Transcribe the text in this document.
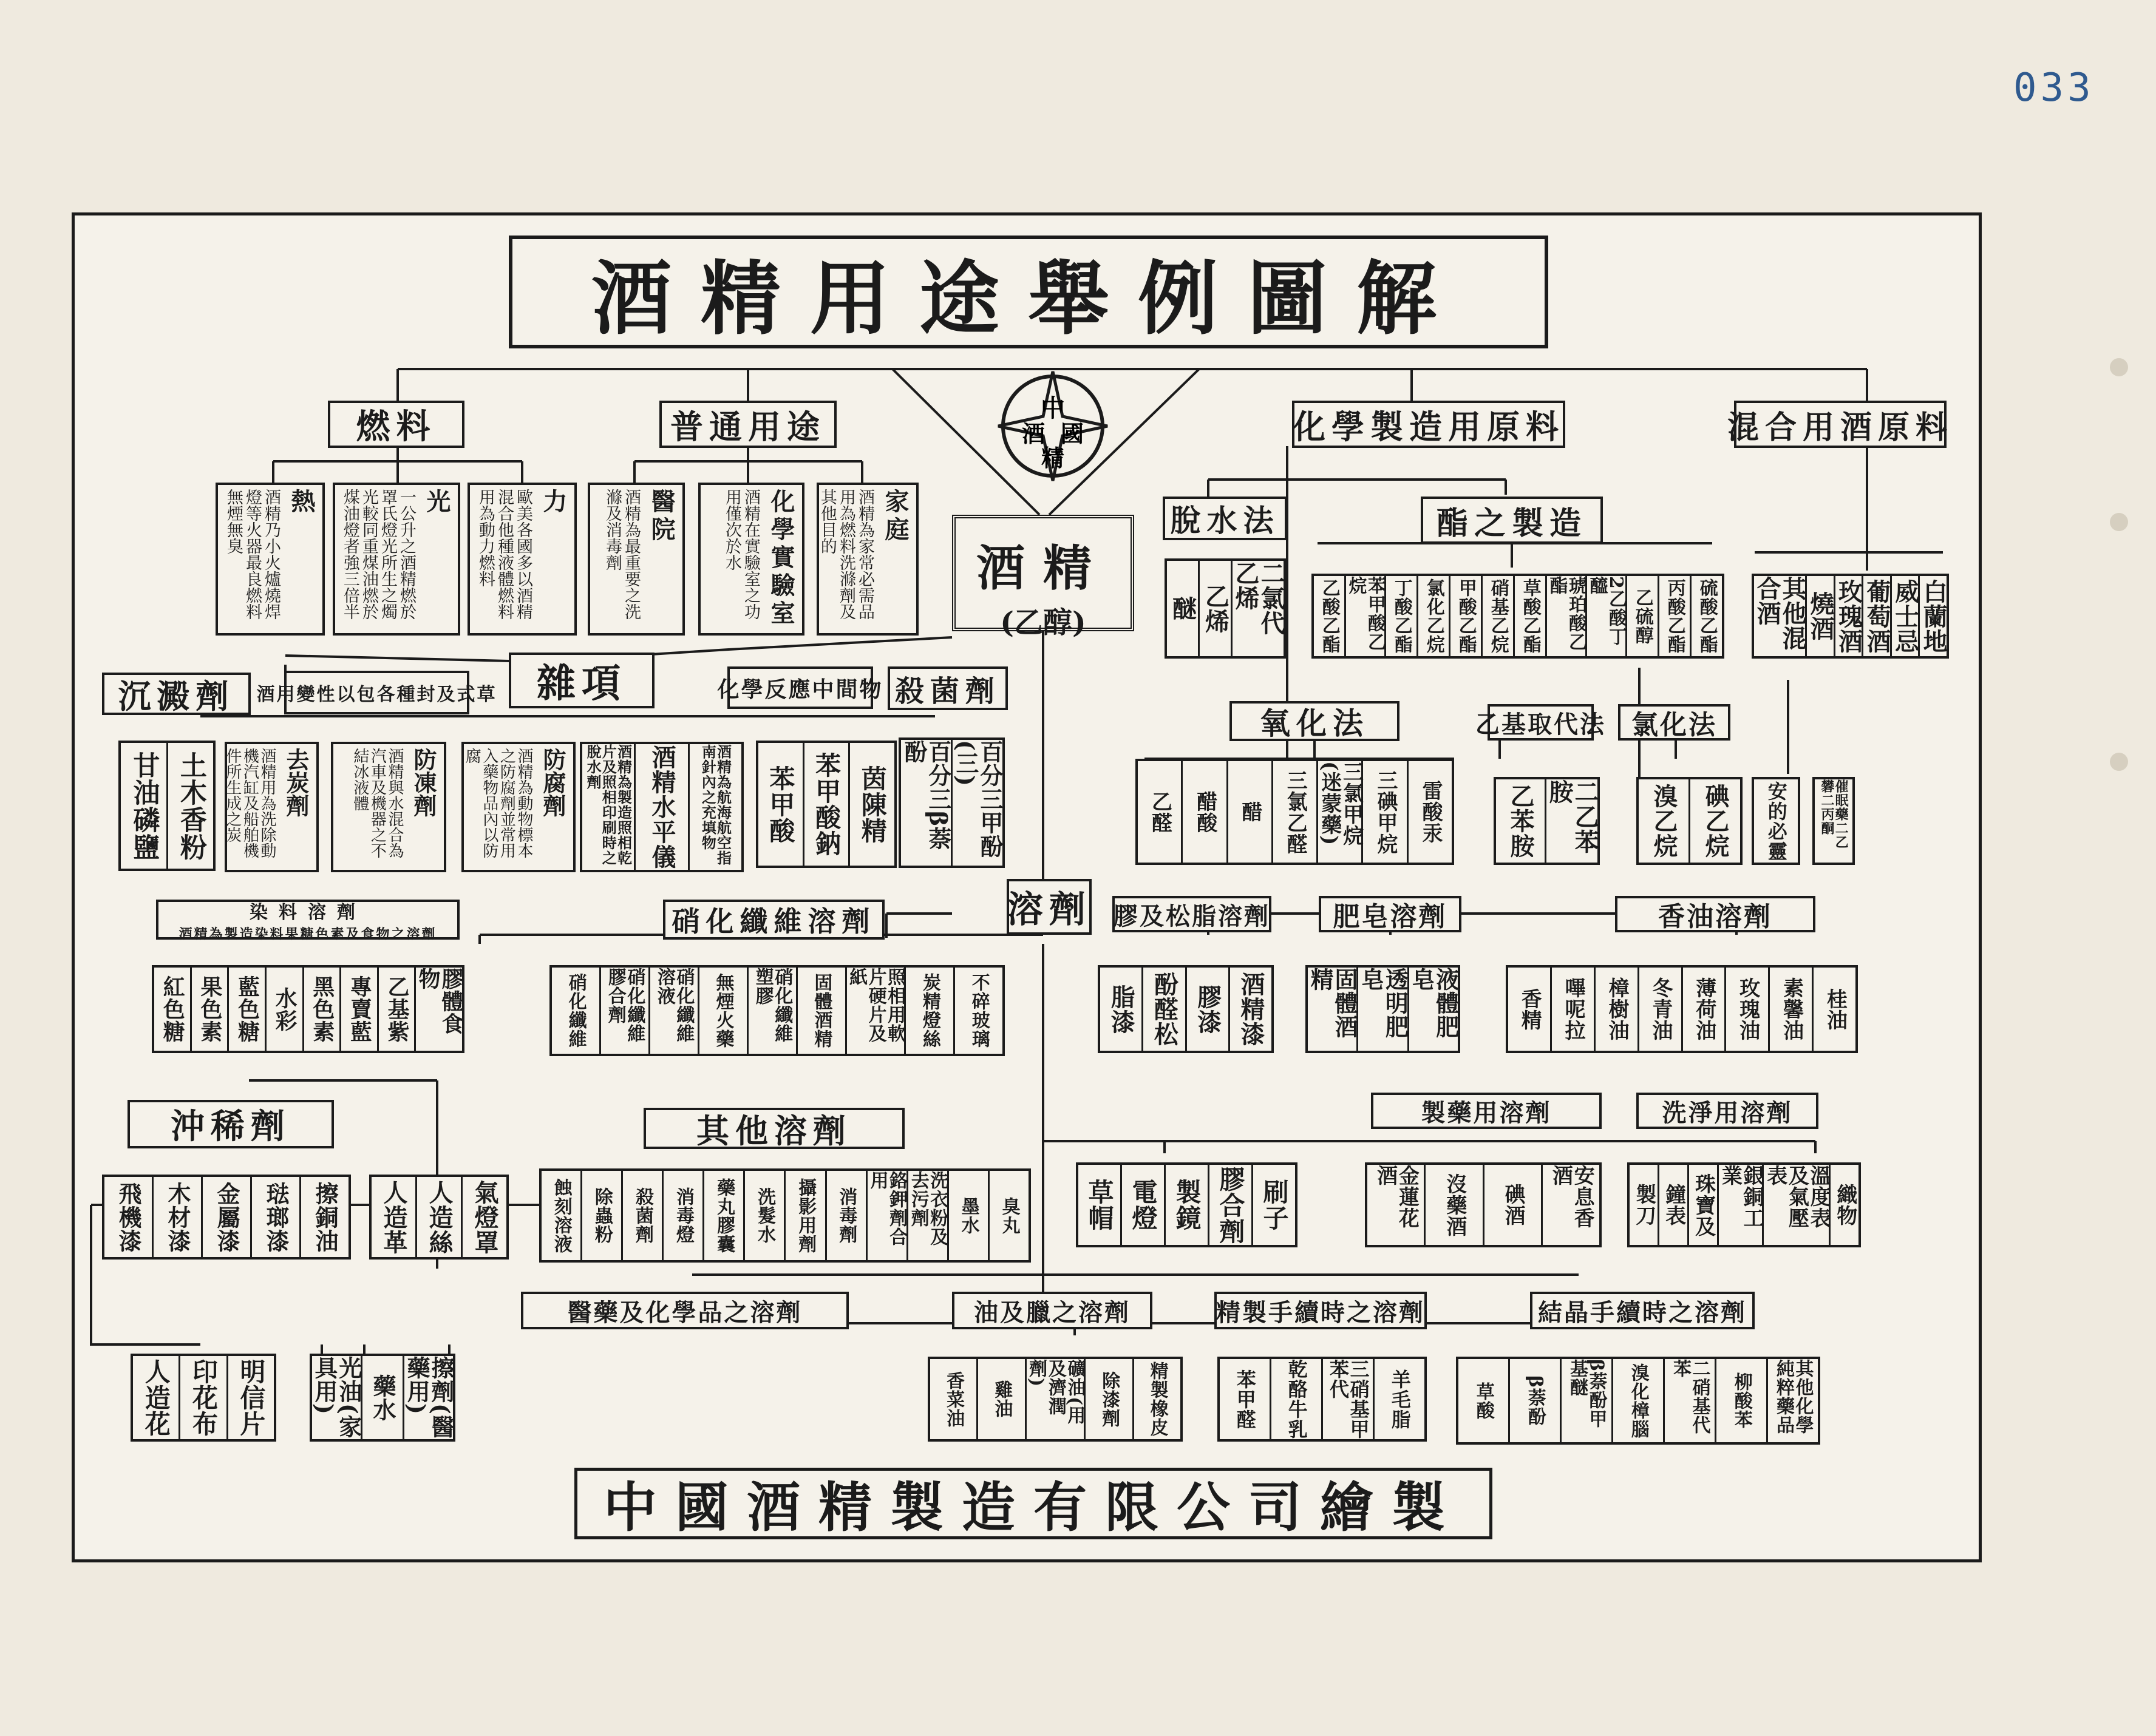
033
酒精用途舉例圖解
中
酒 國
精
酒精
(乙醇)
燃料	普通用途	化學製造用原料	混合用酒原料
脫水法	酯之製造
氧化法	乙基取代法 氯化法
雜項
沉澱劑	酒用變性以包各種封及式草	殺菌劑
化學反應中間物
溶劑
染料溶劑
酒精為製造染料果糖色素及食物之溶劑	硝化纖維溶劑	膠及松脂溶劑	肥皂溶劑	香油溶劑
沖稀劑	其他溶劑	製藥用溶劑	洗淨用溶劑
醫藥及化學品之溶劑	油及臘之溶劑	精製手續時之溶劑	結晶手續時之溶劑
醚 乙烯	二氯代乙烯	乙酸乙酯	苯甲酸乙烷	丁酸乙酯 氯化乙烷 甲酸乙酯 硝基乙烷 草酸乙酯	琥珀酸乙酯	2乙酸丁醯
乙硫醇 丙酸乙酯 硫酸乙酯	其他混合酒	燒酒 玫瑰酒 葡萄酒 威士忌 白蘭地
乙醛 醋酸 醋 三氯乙醛	三氯甲烷(迷蒙藥)	三碘甲烷 雷酸汞	乙苯胺	二乙苯胺	溴乙烷 碘乙烷 安的必靈	催眠藥二乙礬二丙酮
甘油磷鹽 土木香粉	百分三β萘酚	百分三甲酚(三)
苯甲酸 苯甲酸鈉 茵陳精
紅色糖 果色素 藍色糖 水彩 黑色素 專賣藍 乙基紫	膠體食物	硝化纖維	硝化纖維膠合劑	硝化纖維溶液	無煙火藥	硝化纖維塑膠	固體酒精	照相用軟片硬片及紙	炭精燈絲 不碎玻璃	脂漆 酚醛松 膠漆 酒精漆	固體酒精	透明肥皂	液體肥皂
香精 嗶呢拉 樟樹油 冬青油 薄荷油 玫瑰油 素馨油 桂油
飛機漆 木材漆 金屬漆 琺瑯漆 擦銅油 人造革 人造絲 氣燈罩	蝕刻溶液 除蟲粉 殺菌劑 消毒燈 藥丸膠囊 洗髮水 攝影用劑 消毒劑	鉻鉀劑合用	洗衣粉及去污劑	墨水 臭丸	草帽 電燈 製鏡 膠合劑 刷子	金蓮花酒	沒藥酒 碘酒	安息香酒
製刀 鐘表 珠寶及	銀銅工業	溫度表及氣壓表
織物
人造花 印花布 明信片	光油(家具用)	藥水	擦劑(醫藥用)	香菜油 雞油	礦油(用及濟潤劑)	除漆劑 精製橡皮	苯甲醛 乾酪牛乳	三硝基甲苯代	羊毛脂	草酸 β萘酚	β萘酚甲基醚	溴化樟腦	二硝基代苯
柳酸苯	其他化學純粹藥品
熱
酒精乃小火爐燒焊燈等火器最良燃料無煙無臭	光
一公升之酒精燃於罩氏燈光所生之燭光較同重煤油燃於煤油燈者強三倍半	力
歐美各國多以酒精混合他種液體燃料用為動力燃料	醫院
酒精為最重要之洗滌及消毒劑	化學實驗室
酒精在實驗室之功用僅次於水	家庭
酒精為家常必需品用為燃料洗滌劑及其他目的
去炭劑
酒精用為洗除動機汽缸及船舶機件所生成之炭	防凍劑
酒精與水混合為汽車及機器之不結冰液體	防腐劑
酒精為動物標本之防腐劑並常用入藥物品內以防腐	酒精為製造照相乾片及照相印刷時之脫水劑	酒精水平儀	酒精為航海航空指南針內之充填物
中國酒精製造有限公司繪製
